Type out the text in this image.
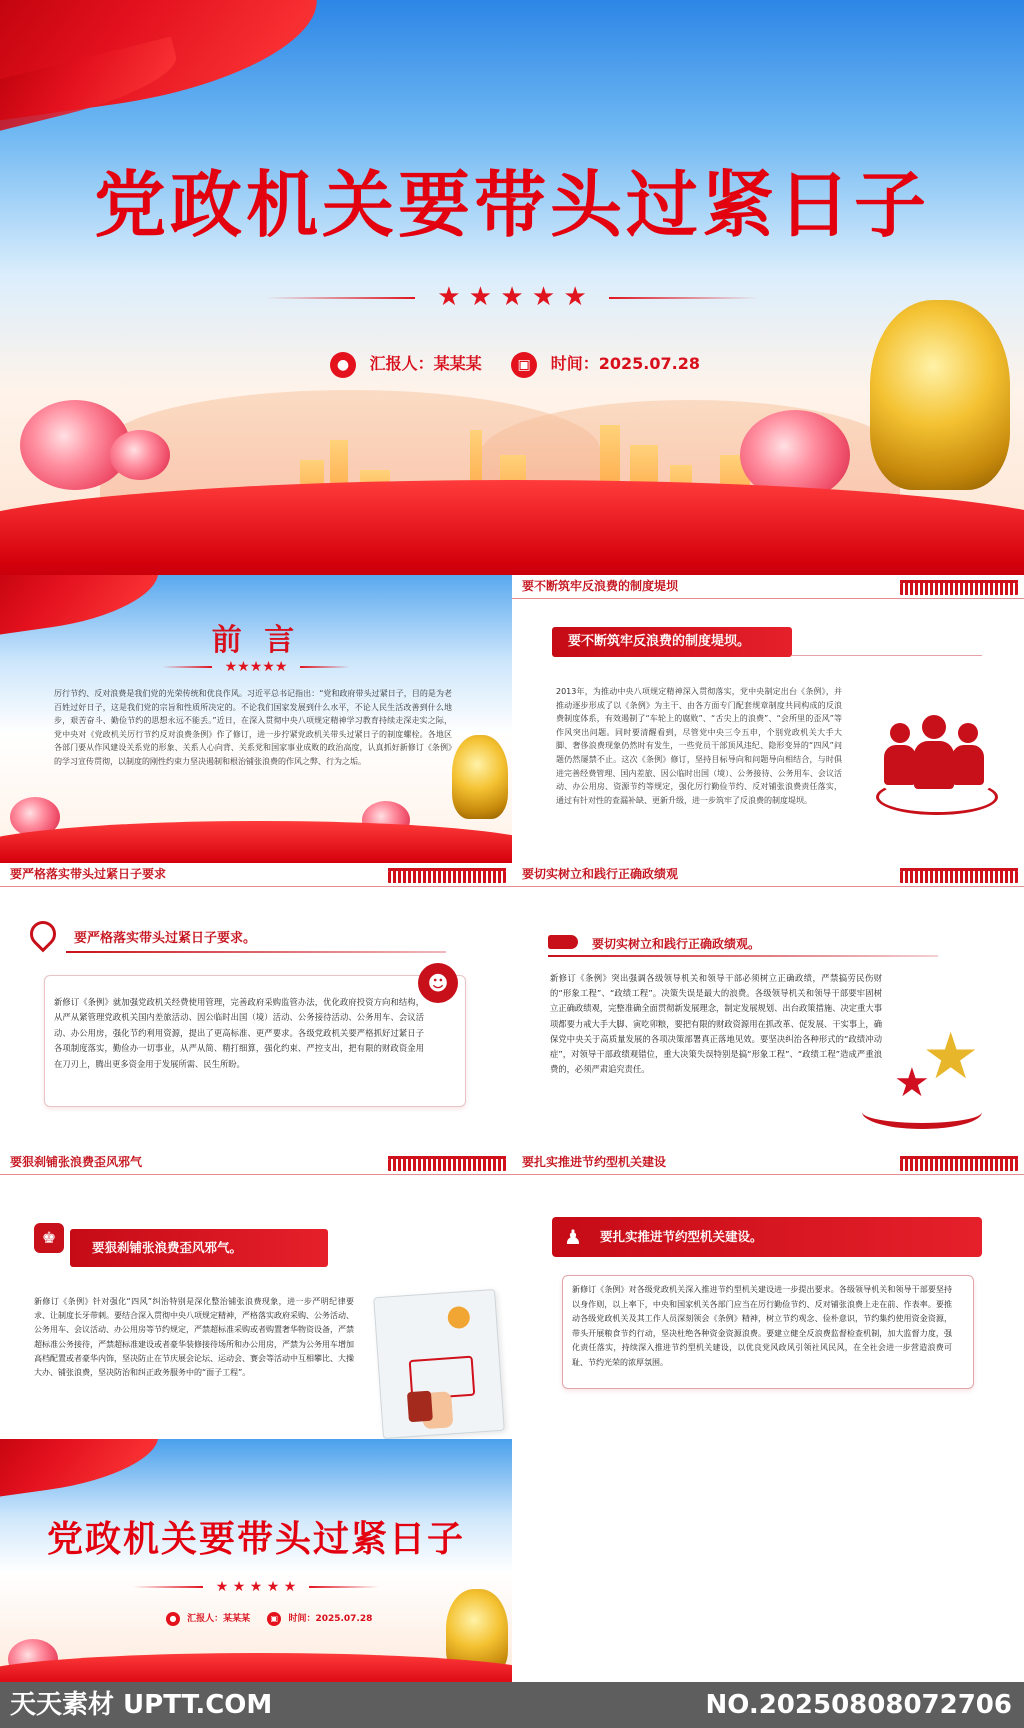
党政机关要带头过紧日子
★ ★ ★ ★ ★
● 汇报人：某某某	▣ 时间：2025.07.28
前 言
★★★★★
厉行节约、反对浪费是我们党的光荣传统和优良作风。习近平总书记指出：“党和政府带头过紧日子，目的是为老百姓过好日子，这是我们党的宗旨和性质所决定的。不论我们国家发展到什么水平，不论人民生活改善到什么地步，艰苦奋斗、勤俭节约的思想永远不能丢。”近日，在深入贯彻中央八项规定精神学习教育持续走深走实之际，党中央对《党政机关厉行节约反对浪费条例》作了修订，进一步拧紧党政机关带头过紧日子的制度螺栓。各地区各部门要从作风建设关系党的形象、关系人心向背、关系党和国家事业成败的政治高度，认真抓好新修订《条例》的学习宣传贯彻，以制度的刚性约束力坚决遏制和根治铺张浪费的作风之弊、行为之垢。
要不断筑牢反浪费的制度堤坝
要不断筑牢反浪费的制度堤坝。
2013年，为推动中央八项规定精神深入贯彻落实，党中央制定出台《条例》，并推动逐步形成了以《条例》为主干、由各方面专门配套规章制度共同构成的反浪费制度体系，有效遏制了“车轮上的腐败”、“舌尖上的浪费”、“会所里的歪风”等作风突出问题。同时要清醒看到，尽管党中央三令五申，个别党政机关大手大脚、奢侈浪费现象仍然时有发生，一些党员干部顶风违纪、隐形变异的“四风”问题仍然屡禁不止。这次《条例》修订，坚持目标导向和问题导向相结合，与时俱进完善经费管理、国内差旅、因公临时出国（境）、公务接待、公务用车、会议活动、办公用房、资源节约等规定，强化厉行勤俭节约、反对铺张浪费责任落实，通过有针对性的查漏补缺、更新升级，进一步筑牢了反浪费的制度堤坝。
要严格落实带头过紧日子要求
要严格落实带头过紧日子要求。
新修订《条例》就加强党政机关经费使用管理，完善政府采购监管办法，优化政府投资方向和结构，从严从紧管理党政机关国内差旅活动、因公临时出国（境）活动、公务接待活动、公务用车、会议活动、办公用房，强化节约利用资源，提出了更高标准、更严要求。各级党政机关要严格抓好过紧日子各项制度落实，勤俭办一切事业，从严从简、精打细算，强化约束、严控支出，把有限的财政资金用在刀刃上，腾出更多资金用于发展所需、民生所盼。
☻
要切实树立和践行正确政绩观
要切实树立和践行正确政绩观。
新修订《条例》突出强调各级领导机关和领导干部必须树立正确政绩，严禁搞劳民伤财的“形象工程”、“政绩工程”。决策失误是最大的浪费。各级领导机关和领导干部要牢固树立正确政绩观，完整准确全面贯彻新发展理念，制定发展规划、出台政策措施、决定重大事项都要力戒大手大脚、寅吃卯粮，要把有限的财政资源用在抓改革、促发展、干实事上，确保党中央关于高质量发展的各项决策部署真正落地见效。要坚决纠治各种形式的“政绩冲动症”，对领导干部政绩观错位，重大决策失误特别是搞“形象工程”、“政绩工程”造成严重浪费的，必须严肃追究责任。	★
★
要狠刹铺张浪费歪风邪气
♚
要狠刹铺张浪费歪风邪气。
新修订《条例》针对强化“四风”纠治特别是深化整治铺张浪费现象，进一步严明纪律要求、让制度长牙带刺。要结合深入贯彻中央八项规定精神，严格落实政府采购、公务活动、公务用车、会议活动、办公用房等节约规定，严禁超标准采购或者购置奢华物资设备，严禁超标准公务接待，严禁超标准建设或者豪华装修接待场所和办公用房，严禁为公务用车增加高档配置或者豪华内饰，坚决防止在节庆展会论坛、运动会、赛会等活动中互相攀比、大操大办、铺张浪费，坚决防治和纠正政务服务中的“面子工程”。
要扎实推进节约型机关建设
要扎实推进节约型机关建设。
♟
新修订《条例》对各级党政机关深入推进节约型机关建设进一步提出要求。各级领导机关和领导干部要坚持以身作则，以上率下，中央和国家机关各部门应当在厉行勤俭节约、反对铺张浪费上走在前、作表率。要推动各级党政机关及其工作人员深刻领会《条例》精神，树立节约观念、俭朴意识，节约集约使用资金资源，带头开展粮食节约行动，坚决杜绝各种资金资源浪费。要建立健全反浪费监督检查机制，加大监督力度，强化责任落实，持续深入推进节约型机关建设，以优良党风政风引领社风民风，在全社会进一步营造浪费可耻、节约光荣的浓厚氛围。
党政机关要带头过紧日子
★ ★ ★ ★ ★
● 汇报人：某某某	▣ 时间：2025.07.28
天天素材 UPTT.COM	NO.20250808072706
